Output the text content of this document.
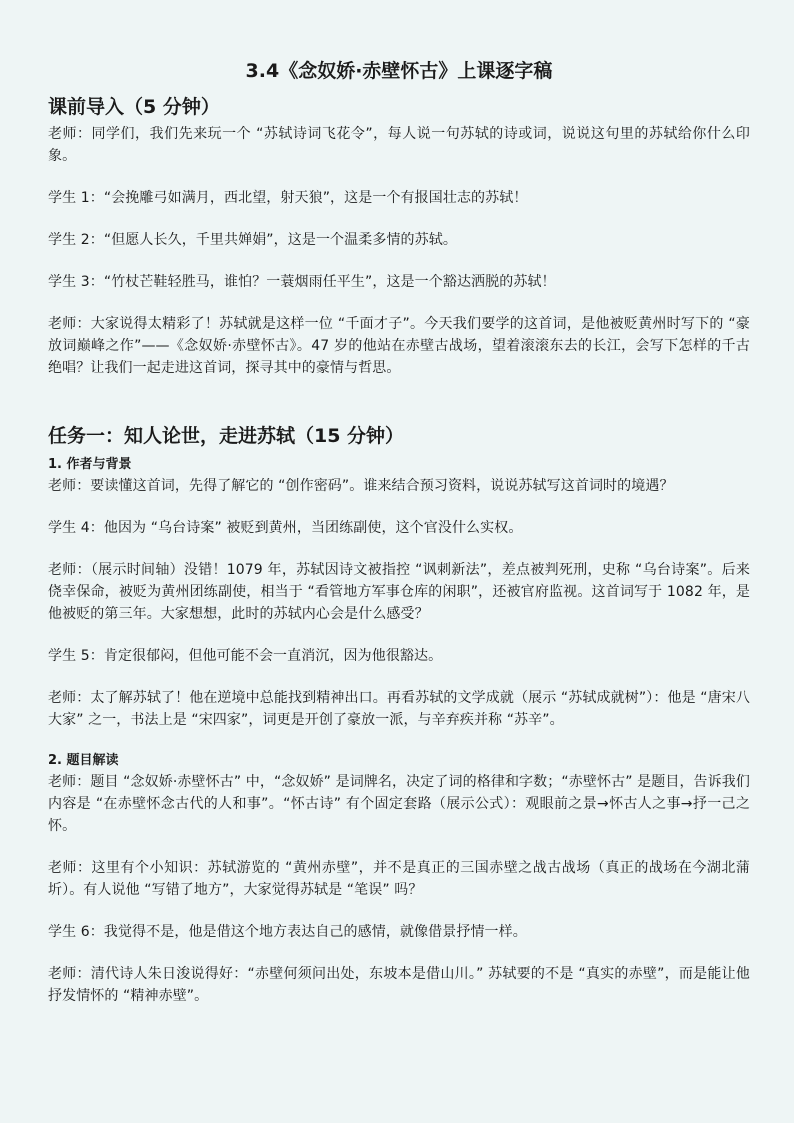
3.4《念奴娇·赤壁怀古》上课逐字稿
课前导入（5 分钟）

老师：同学们，我们先来玩一个 “苏轼诗词飞花令”，每人说一句苏轼的诗或词，说说这句里的苏轼给你什么印象。

学生 1：“会挽雕弓如满月，西北望，射天狼”，这是一个有报国壮志的苏轼！

学生 2：“但愿人长久，千里共婵娟”，这是一个温柔多情的苏轼。

学生 3：“竹杖芒鞋轻胜马，谁怕？一蓑烟雨任平生”，这是一个豁达洒脱的苏轼！

老师：大家说得太精彩了！苏轼就是这样一位 “千面才子”。今天我们要学的这首词，是他被贬黄州时写下的 “豪放词巅峰之作”——《念奴娇·赤壁怀古》。47 岁的他站在赤壁古战场，望着滚滚东去的长江，会写下怎样的千古绝唱？让我们一起走进这首词，探寻其中的豪情与哲思。

任务一：知人论世，走进苏轼（15 分钟）
1. 作者与背景

老师：要读懂这首词，先得了解它的 “创作密码”。谁来结合预习资料，说说苏轼写这首词时的境遇？

学生 4：他因为 “乌台诗案” 被贬到黄州，当团练副使，这个官没什么实权。

老师：（展示时间轴）没错！1079 年，苏轼因诗文被指控 “讽刺新法”，差点被判死刑，史称 “乌台诗案”。后来侥幸保命，被贬为黄州团练副使，相当于 “看管地方军事仓库的闲职”，还被官府监视。这首词写于 1082 年，是他被贬的第三年。大家想想，此时的苏轼内心会是什么感受？

学生 5：肯定很郁闷，但他可能不会一直消沉，因为他很豁达。

老师：太了解苏轼了！他在逆境中总能找到精神出口。再看苏轼的文学成就（展示 “苏轼成就树”）：他是 “唐宋八大家” 之一，书法上是 “宋四家”，词更是开创了豪放一派，与辛弃疾并称 “苏辛”。

2. 题目解读

老师：题目 “念奴娇·赤壁怀古” 中，“念奴娇” 是词牌名，决定了词的格律和字数；“赤壁怀古” 是题目，告诉我们内容是 “在赤壁怀念古代的人和事”。“怀古诗” 有个固定套路（展示公式）：观眼前之景→怀古人之事→抒一己之怀。

老师：这里有个小知识：苏轼游览的 “黄州赤壁”，并不是真正的三国赤壁之战古战场（真正的战场在今湖北蒲圻）。有人说他 “写错了地方”，大家觉得苏轼是 “笔误” 吗？

学生 6：我觉得不是，他是借这个地方表达自己的感情，就像借景抒情一样。

老师：清代诗人朱日浚说得好：“赤壁何须问出处，东坡本是借山川。” 苏轼要的不是 “真实的赤壁”，而是能让他抒发情怀的 “精神赤壁”。
